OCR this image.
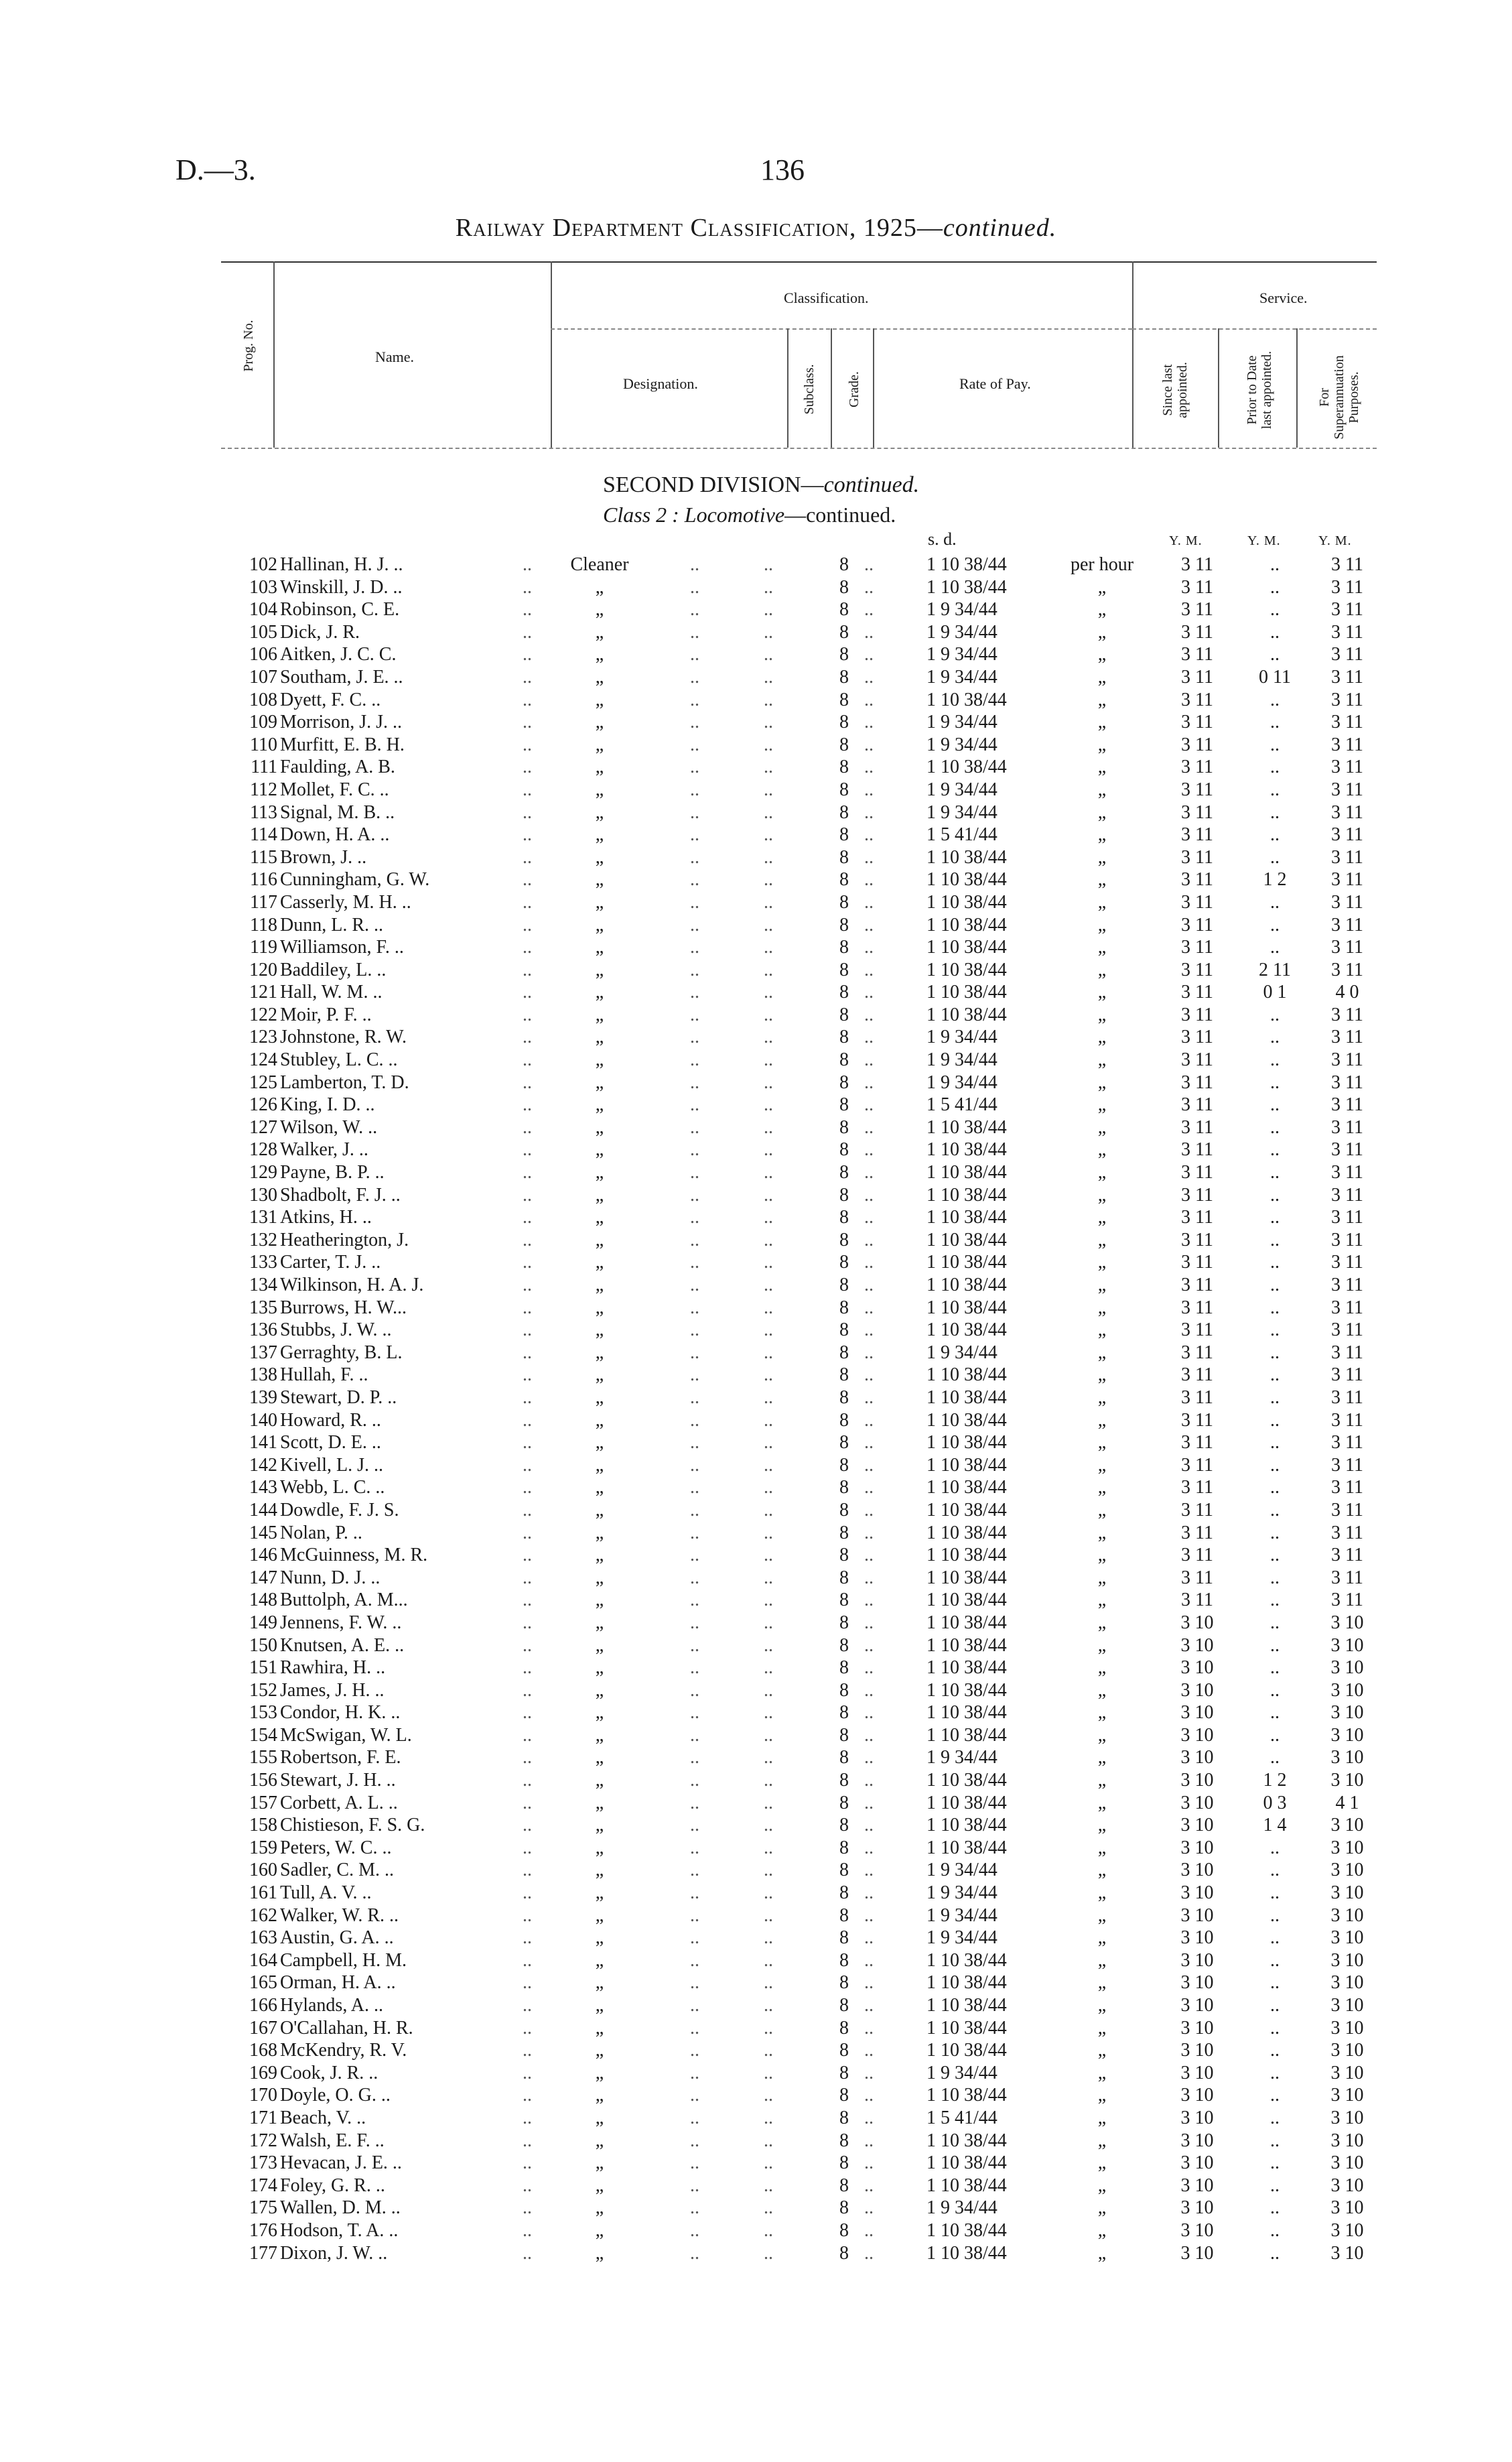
D.—3.	136
Railway Department Classification, 1925—continued.
Prog. No.	Name.
Classification.	Service.
Designation.	Subclass. Grade.	Rate of Pay.	Since last appointed.	Prior to Date last appointed.	For Superannuation Purposes.
SECOND DIVISION—continued.
Class 2 : Locomotive—continued.
s. d.	Y. M.	Y. M.	Y. M.
102 Hallinan, H. J. ..	..	Cleaner	..	..	8 ..	1 10 38/44	per hour	3 11	..	3 11
103 Winskill, J. D. ..	..	„	..	..	8 ..	1 10 38/44	„	3 11	..	3 11
104 Robinson, C. E.	..	„	..	..	8 ..	1 9 34/44	„	3 11	..	3 11
105 Dick, J. R.	..	„	..	..	8 ..	1 9 34/44	„	3 11	..	3 11
106 Aitken, J. C. C.	..	„	..	..	8 ..	1 9 34/44	„	3 11	..	3 11
107 Southam, J. E. ..	..	„	..	..	8 ..	1 9 34/44	„	3 11	0 11	3 11
108 Dyett, F. C. ..	..	„	..	..	8 ..	1 10 38/44	„	3 11	..	3 11
109 Morrison, J. J. ..	..	„	..	..	8 ..	1 9 34/44	„	3 11	..	3 11
110 Murfitt, E. B. H.	..	„	..	..	8 ..	1 9 34/44	„	3 11	..	3 11
111 Faulding, A. B.	..	„	..	..	8 ..	1 10 38/44	„	3 11	..	3 11
112 Mollet, F. C. ..	..	„	..	..	8 ..	1 9 34/44	„	3 11	..	3 11
113 Signal, M. B. ..	..	„	..	..	8 ..	1 9 34/44	„	3 11	..	3 11
114 Down, H. A. ..	..	„	..	..	8 ..	1 5 41/44	„	3 11	..	3 11
115 Brown, J. ..	..	„	..	..	8 ..	1 10 38/44	„	3 11	..	3 11
116 Cunningham, G. W.	..	„	..	..	8 ..	1 10 38/44	„	3 11	1 2	3 11
117 Casserly, M. H. ..	..	„	..	..	8 ..	1 10 38/44	„	3 11	..	3 11
118 Dunn, L. R. ..	..	„	..	..	8 ..	1 10 38/44	„	3 11	..	3 11
119 Williamson, F. ..	..	„	..	..	8 ..	1 10 38/44	„	3 11	..	3 11
120 Baddiley, L. ..	..	„	..	..	8 ..	1 10 38/44	„	3 11	2 11	3 11
121 Hall, W. M. ..	..	„	..	..	8 ..	1 10 38/44	„	3 11	0 1	4 0
122 Moir, P. F. ..	..	„	..	..	8 ..	1 10 38/44	„	3 11	..	3 11
123 Johnstone, R. W.	..	„	..	..	8 ..	1 9 34/44	„	3 11	..	3 11
124 Stubley, L. C. ..	..	„	..	..	8 ..	1 9 34/44	„	3 11	..	3 11
125 Lamberton, T. D.	..	„	..	..	8 ..	1 9 34/44	„	3 11	..	3 11
126 King, I. D. ..	..	„	..	..	8 ..	1 5 41/44	„	3 11	..	3 11
127 Wilson, W. ..	..	„	..	..	8 ..	1 10 38/44	„	3 11	..	3 11
128 Walker, J. ..	..	„	..	..	8 ..	1 10 38/44	„	3 11	..	3 11
129 Payne, B. P. ..	..	„	..	..	8 ..	1 10 38/44	„	3 11	..	3 11
130 Shadbolt, F. J. ..	..	„	..	..	8 ..	1 10 38/44	„	3 11	..	3 11
131 Atkins, H. ..	..	„	..	..	8 ..	1 10 38/44	„	3 11	..	3 11
132 Heatherington, J.	..	„	..	..	8 ..	1 10 38/44	„	3 11	..	3 11
133 Carter, T. J. ..	..	„	..	..	8 ..	1 10 38/44	„	3 11	..	3 11
134 Wilkinson, H. A. J.	..	„	..	..	8 ..	1 10 38/44	„	3 11	..	3 11
135 Burrows, H. W...	..	„	..	..	8 ..	1 10 38/44	„	3 11	..	3 11
136 Stubbs, J. W. ..	..	„	..	..	8 ..	1 10 38/44	„	3 11	..	3 11
137 Gerraghty, B. L.	..	„	..	..	8 ..	1 9 34/44	„	3 11	..	3 11
138 Hullah, F. ..	..	„	..	..	8 ..	1 10 38/44	„	3 11	..	3 11
139 Stewart, D. P. ..	..	„	..	..	8 ..	1 10 38/44	„	3 11	..	3 11
140 Howard, R. ..	..	„	..	..	8 ..	1 10 38/44	„	3 11	..	3 11
141 Scott, D. E. ..	..	„	..	..	8 ..	1 10 38/44	„	3 11	..	3 11
142 Kivell, L. J. ..	..	„	..	..	8 ..	1 10 38/44	„	3 11	..	3 11
143 Webb, L. C. ..	..	„	..	..	8 ..	1 10 38/44	„	3 11	..	3 11
144 Dowdle, F. J. S.	..	„	..	..	8 ..	1 10 38/44	„	3 11	..	3 11
145 Nolan, P. ..	..	„	..	..	8 ..	1 10 38/44	„	3 11	..	3 11
146 McGuinness, M. R.	..	„	..	..	8 ..	1 10 38/44	„	3 11	..	3 11
147 Nunn, D. J. ..	..	„	..	..	8 ..	1 10 38/44	„	3 11	..	3 11
148 Buttolph, A. M...	..	„	..	..	8 ..	1 10 38/44	„	3 11	..	3 11
149 Jennens, F. W. ..	..	„	..	..	8 ..	1 10 38/44	„	3 10	..	3 10
150 Knutsen, A. E. ..	..	„	..	..	8 ..	1 10 38/44	„	3 10	..	3 10
151 Rawhira, H. ..	..	„	..	..	8 ..	1 10 38/44	„	3 10	..	3 10
152 James, J. H. ..	..	„	..	..	8 ..	1 10 38/44	„	3 10	..	3 10
153 Condor, H. K. ..	..	„	..	..	8 ..	1 10 38/44	„	3 10	..	3 10
154 McSwigan, W. L.	..	„	..	..	8 ..	1 10 38/44	„	3 10	..	3 10
155 Robertson, F. E.	..	„	..	..	8 ..	1 9 34/44	„	3 10	..	3 10
156 Stewart, J. H. ..	..	„	..	..	8 ..	1 10 38/44	„	3 10	1 2	3 10
157 Corbett, A. L. ..	..	„	..	..	8 ..	1 10 38/44	„	3 10	0 3	4 1
158 Chistieson, F. S. G.	..	„	..	..	8 ..	1 10 38/44	„	3 10	1 4	3 10
159 Peters, W. C. ..	..	„	..	..	8 ..	1 10 38/44	„	3 10	..	3 10
160 Sadler, C. M. ..	..	„	..	..	8 ..	1 9 34/44	„	3 10	..	3 10
161 Tull, A. V. ..	..	„	..	..	8 ..	1 9 34/44	„	3 10	..	3 10
162 Walker, W. R. ..	..	„	..	..	8 ..	1 9 34/44	„	3 10	..	3 10
163 Austin, G. A. ..	..	„	..	..	8 ..	1 9 34/44	„	3 10	..	3 10
164 Campbell, H. M.	..	„	..	..	8 ..	1 10 38/44	„	3 10	..	3 10
165 Orman, H. A. ..	..	„	..	..	8 ..	1 10 38/44	„	3 10	..	3 10
166 Hylands, A. ..	..	„	..	..	8 ..	1 10 38/44	„	3 10	..	3 10
167 O'Callahan, H. R.	..	„	..	..	8 ..	1 10 38/44	„	3 10	..	3 10
168 McKendry, R. V.	..	„	..	..	8 ..	1 10 38/44	„	3 10	..	3 10
169 Cook, J. R. ..	..	„	..	..	8 ..	1 9 34/44	„	3 10	..	3 10
170 Doyle, O. G. ..	..	„	..	..	8 ..	1 10 38/44	„	3 10	..	3 10
171 Beach, V. ..	..	„	..	..	8 ..	1 5 41/44	„	3 10	..	3 10
172 Walsh, E. F. ..	..	„	..	..	8 ..	1 10 38/44	„	3 10	..	3 10
173 Hevacan, J. E. ..	..	„	..	..	8 ..	1 10 38/44	„	3 10	..	3 10
174 Foley, G. R. ..	..	„	..	..	8 ..	1 10 38/44	„	3 10	..	3 10
175 Wallen, D. M. ..	..	„	..	..	8 ..	1 9 34/44	„	3 10	..	3 10
176 Hodson, T. A. ..	..	„	..	..	8 ..	1 10 38/44	„	3 10	..	3 10
177 Dixon, J. W. ..	..	„	..	..	8 ..	1 10 38/44	„	3 10	..	3 10
